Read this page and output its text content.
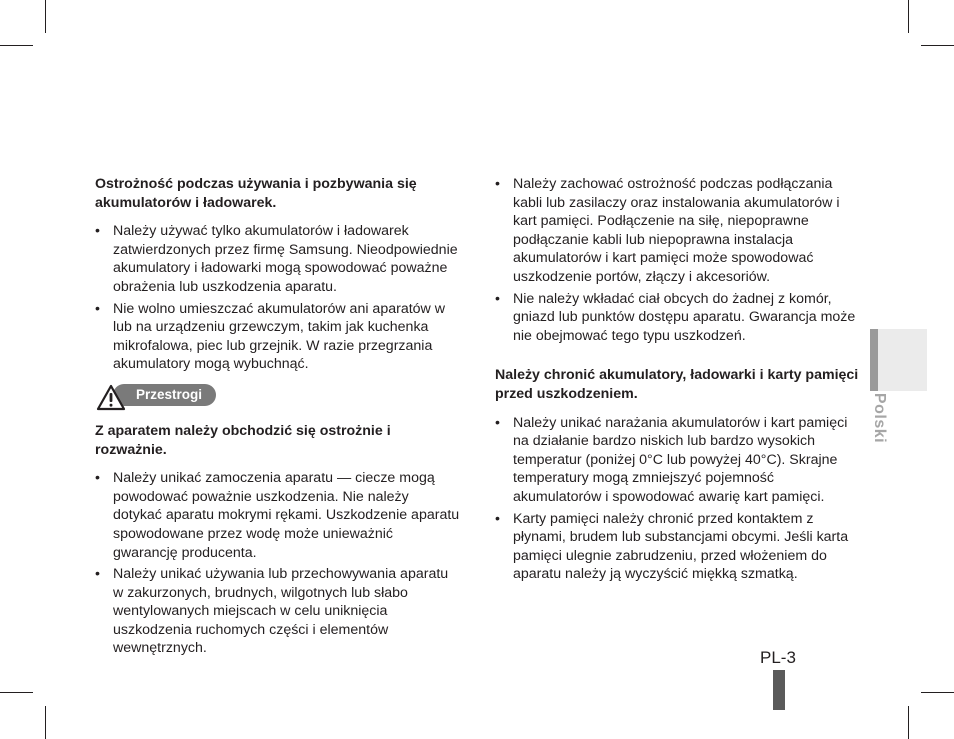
Ostrożność podczas używania i pozbywania się akumulatorów i ładowarek.

• Należy używać tylko akumulatorów i ładowarek zatwierdzonych przez firmę Samsung. Nieodpowiednie akumulatory i ładowarki mogą spowodować poważne obrażenia lub uszkodzenia aparatu.
• Nie wolno umieszczać akumulatorów ani aparatów w lub na urządzeniu grzewczym, takim jak kuchenka mikrofalowa, piec lub grzejnik. W razie przegrzania akumulatory mogą wybuchnąć.
Przestrogi

Z aparatem należy obchodzić się ostrożnie i rozważnie.

• Należy unikać zamoczenia aparatu — ciecze mogą powodować poważnie uszkodzenia. Nie należy dotykać aparatu mokrymi rękami. Uszkodzenie aparatu spowodowane przez wodę może unieważnić gwarancję producenta.
• Należy unikać używania lub przechowywania aparatu w zakurzonych, brudnych, wilgotnych lub słabo wentylowanych miejscach w celu uniknięcia uszkodzenia ruchomych części i elementów wewnętrznych.
• Należy zachować ostrożność podczas podłączania kabli lub zasilaczy oraz instalowania akumulatorów i kart pamięci. Podłączenie na siłę, niepoprawne podłączanie kabli lub niepoprawna instalacja akumulatorów i kart pamięci może spowodować uszkodzenie portów, złączy i akcesoriów.
• Nie należy wkładać ciał obcych do żadnej z komór, gniazd lub punktów dostępu aparatu. Gwarancja może nie obejmować tego typu uszkodzeń.

Należy chronić akumulatory, ładowarki i karty pamięci przed uszkodzeniem.

• Należy unikać narażania akumulatorów i kart pamięci na działanie bardzo niskich lub bardzo wysokich temperatur (poniżej 0°C lub powyżej 40°C). Skrajne temperatury mogą zmniejszyć pojemność akumulatorów i spowodować awarię kart pamięci.
• Karty pamięci należy chronić przed kontaktem z płynami, brudem lub substancjami obcymi. Jeśli karta pamięci ulegnie zabrudzeniu, przed włożeniem do aparatu należy ją wyczyścić miękką szmatką.
Polski
PL-3
